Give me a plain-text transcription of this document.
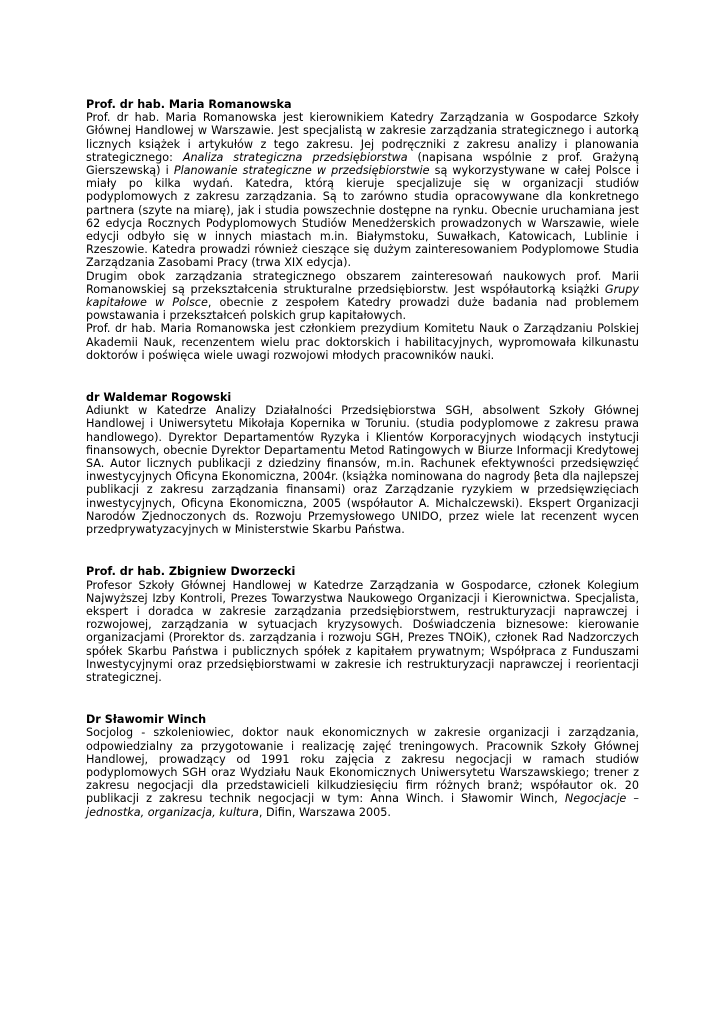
Prof. dr hab. Maria Romanowska

Prof. dr hab. Maria Romanowska jest kierownikiem Katedry Zarządzania w Gospodarce Szkoły Głównej Handlowej w Warszawie. Jest specjalistą w zakresie zarządzania strategicznego i autorką licznych książek i artykułów z tego zakresu. Jej podręczniki z zakresu analizy i planowania strategicznego: Analiza strategiczna przedsiębiorstwa (napisana wspólnie z prof. Grażyną Gierszewską) i Planowanie strategiczne w przedsiębiorstwie są wykorzystywane w całej Polsce i miały po kilka wydań. Katedra, którą kieruje specjalizuje się w organizacji studiów podyplomowych z zakresu zarządzania. Są to zarówno studia opracowywane dla konkretnego partnera (szyte na miarę), jak i studia powszechnie dostępne na rynku. Obecnie uruchamiana jest 62 edycja Rocznych Podyplomowych Studiów Menedżerskich prowadzonych w Warszawie, wiele edycji odbyło się w innych miastach m.in. Białymstoku, Suwałkach, Katowicach, Lublinie i Rzeszowie. Katedra prowadzi również cieszące się dużym zainteresowaniem Podyplomowe Studia Zarządzania Zasobami Pracy (trwa XIX edycja).

Drugim obok zarządzania strategicznego obszarem zainteresowań naukowych prof. Marii Romanowskiej są przekształcenia strukturalne przedsiębiorstw. Jest współautorką książki Grupy kapitałowe w Polsce, obecnie z zespołem Katedry prowadzi duże badania nad problemem powstawania i przekształceń polskich grup kapitałowych.

Prof. dr hab. Maria Romanowska jest członkiem prezydium Komitetu Nauk o Zarządzaniu Polskiej Akademii Nauk, recenzentem wielu prac doktorskich i habilitacyjnych, wypromowała kilkunastu doktorów i poświęca wiele uwagi rozwojowi młodych pracowników nauki.

dr Waldemar Rogowski

Adiunkt w Katedrze Analizy Działalności Przedsiębiorstwa SGH, absolwent Szkoły Głównej Handlowej i Uniwersytetu Mikołaja Kopernika w Toruniu. (studia podyplomowe z zakresu prawa handlowego). Dyrektor Departamentów Ryzyka i Klientów Korporacyjnych wiodących instytucji finansowych, obecnie Dyrektor Departamentu Metod Ratingowych w Biurze Informacji Kredytowej SA. Autor licznych publikacji z dziedziny finansów, m.in. Rachunek efektywności przedsięwzięć inwestycyjnych Oficyna Ekonomiczna, 2004r. (książka nominowana do nagrody βeta dla najlepszej publikacji z zakresu zarządzania finansami) oraz Zarządzanie ryzykiem w przedsięwzięciach inwestycyjnych, Oficyna Ekonomiczna, 2005 (współautor A. Michalczewski). Ekspert Organizacji Narodów Zjednoczonych ds. Rozwoju Przemysłowego UNIDO, przez wiele lat recenzent wycen przedprywatyzacyjnych w Ministerstwie Skarbu Państwa.

Prof. dr hab. Zbigniew Dworzecki

Profesor Szkoły Głównej Handlowej w Katedrze Zarządzania w Gospodarce, członek Kolegium Najwyższej Izby Kontroli, Prezes Towarzystwa Naukowego Organizacji i Kierownictwa. Specjalista, ekspert i doradca w zakresie zarządzania przedsiębiorstwem, restrukturyzacji naprawczej i rozwojowej, zarządzania w sytuacjach kryzysowych. Doświadczenia biznesowe: kierowanie organizacjami (Prorektor ds. zarządzania i rozwoju SGH, Prezes TNOiK), członek Rad Nadzorczych spółek Skarbu Państwa i publicznych spółek z kapitałem prywatnym; Współpraca z Funduszami Inwestycyjnymi oraz przedsiębiorstwami w zakresie ich restrukturyzacji naprawczej i reorientacji strategicznej.

Dr Sławomir Winch

Socjolog - szkoleniowiec, doktor nauk ekonomicznych w zakresie organizacji i zarządzania, odpowiedzialny za przygotowanie i realizację zajęć treningowych. Pracownik Szkoły Głównej Handlowej, prowadzący od 1991 roku zajęcia z zakresu negocjacji w ramach studiów podyplomowych SGH oraz Wydziału Nauk Ekonomicznych Uniwersytetu Warszawskiego; trener z zakresu negocjacji dla przedstawicieli kilkudziesięciu firm różnych branż; współautor ok. 20 publikacji z zakresu technik negocjacji w tym: Anna Winch. i Sławomir Winch, Negocjacje – jednostka, organizacja, kultura, Difin, Warszawa 2005.
